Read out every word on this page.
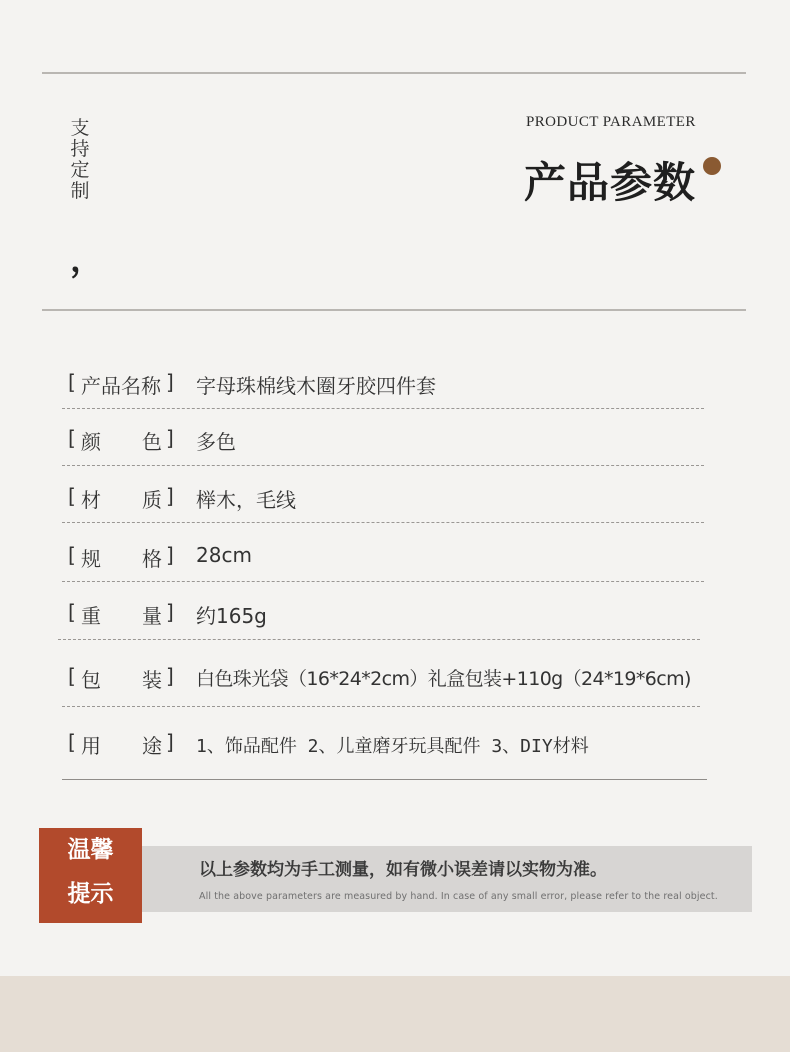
支持定制
，
PRODUCT PARAMETER
产品参数
[ 产品名称 ] 字母珠棉线木圈牙胶四件套
[ 颜 色 ] 多色
[ 材 质 ] 榉木，毛线
[ 规 格 ] 28cm
[ 重 量 ] 约165g
[ 包 装 ] 白色珠光袋（16*24*2cm）礼盒包装+110g（24*19*6cm)
[ 用 途 ] 1、饰品配件 2、儿童磨牙玩具配件 3、DIY材料
以上参数均为手工测量，如有微小误差请以实物为准。
All the above parameters are measured by hand. In case of any small error, please refer to the real object.
温馨
提示
